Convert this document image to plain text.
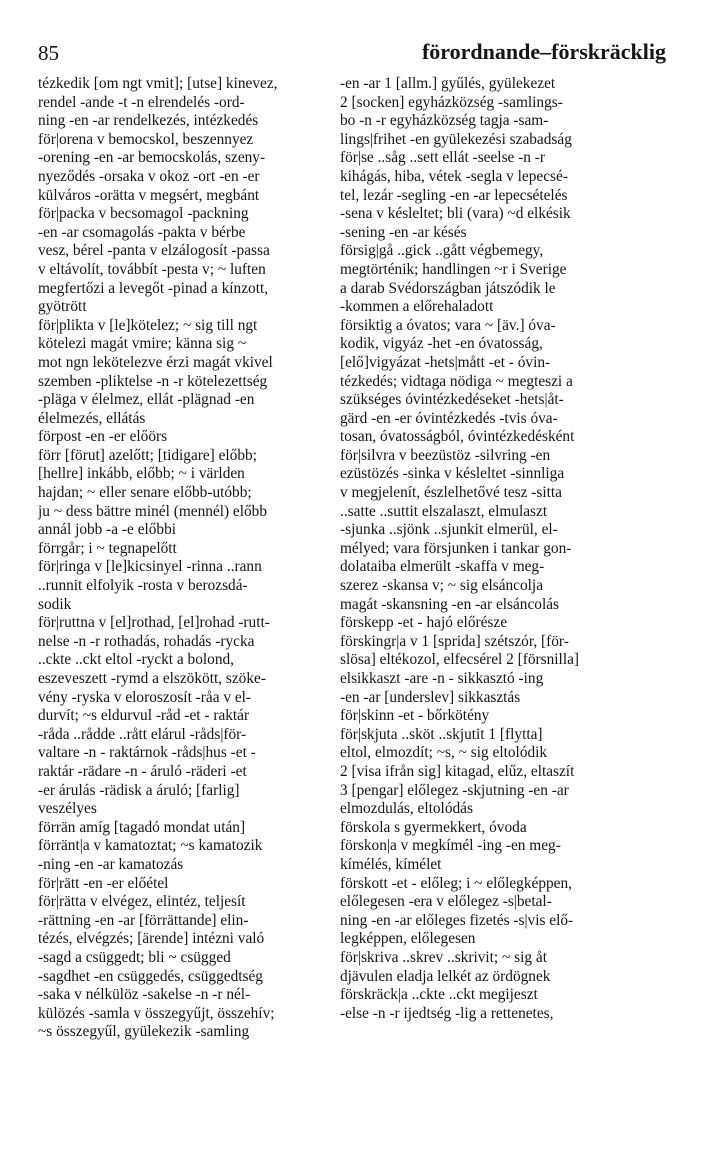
85	förordnande–förskräcklig
tézkedik [om ngt vmit]; [utse] kinevez,
rendel -ande -t -n elrendelés -ord-
ning -en -ar rendelkezés, intézkedés
för|orena v bemocskol, beszennyez
-orening -en -ar bemocskolás, szeny-
nyeződés -orsaka v okoz -ort -en -er
külváros -orätta v megsért, megbánt
för|packa v becsomagol -packning
-en -ar csomagolás -pakta v bérbe
vesz, bérel -panta v elzálogosít -passa
v eltávolít, továbbít -pesta v; ~ luften
megfertőzi a levegőt -pinad a kínzott,
gyötrött
för|plikta v [le]kötelez; ~ sig till ngt
kötelezi magát vmire; känna sig ~
mot ngn lekötelezve érzi magát vkivel
szemben -pliktelse -n -r kötelezettség
-pläga v élelmez, ellát -plägnad -en
élelmezés, ellátás
förpost -en -er előörs
förr [förut] azelőtt; [tidigare] előbb;
[hellre] inkább, előbb; ~ i världen
hajdan; ~ eller senare előbb-utóbb;
ju ~ dess bättre minél (mennél) előbb
annál jobb -a -e előbbi
förrgår; i ~ tegnapelőtt
för|ringa v [le]kicsinyel -rinna ..rann
..runnit elfolyik -rosta v berozsdá-
sodik
för|ruttna v [el]rothad, [el]rohad -rutt-
nelse -n -r rothadás, rohadás -rycka
..ckte ..ckt eltol -ryckt a bolond,
eszeveszett -rymd a elszökött, szöke-
vény -ryska v eloroszosít -råa v el-
durvít; ~s eldurvul -råd -et - raktár
-råda ..rådde ..rått elárul -råds|för-
valtare -n - raktárnok -råds|hus -et -
raktár -rädare -n - áruló -räderi -et
-er árulás -rädisk a áruló; [farlig]
veszélyes
förrän amíg [tagadó mondat után]
förränt|a v kamatoztat; ~s kamatozik
-ning -en -ar kamatozás
för|rätt -en -er előétel
för|rätta v elvégez, elintéz, teljesít
-rättning -en -ar [förrättande] elin-
tézés, elvégzés; [ärende] intézni való
-sagd a csüggedt; bli ~ csügged
-sagdhet -en csüggedés, csüggedtség
-saka v nélkülöz -sakelse -n -r nél-
külözés -samla v összegyűjt, összehív;
~s összegyűl, gyülekezik -samling
-en -ar 1 [allm.] gyűlés, gyülekezet
2 [socken] egyházközség -samlings-
bo -n -r egyházközség tagja -sam-
lings|frihet -en gyülekezési szabadság
för|se ..såg ..sett ellát -seelse -n -r
kihágás, hiba, vétek -segla v lepecsé-
tel, lezár -segling -en -ar lepecsételés
-sena v késleltet; bli (vara) ~d elkésik
-sening -en -ar késés
försig|gå ..gick ..gått végbemegy,
megtörténik; handlingen ~r i Sverige
a darab Svédországban játszódik le
-kommen a előrehaladott
försiktig a óvatos; vara ~ [äv.] óva-
kodik, vigyáz -het -en óvatosság,
[elő]vigyázat -hets|mått -et - óvin-
tézkedés; vidtaga nödiga ~ megteszi a
szükséges óvintézkedéseket -hets|åt-
gärd -en -er óvintézkedés -tvis óva-
tosan, óvatosságból, óvintézkedésként
för|silvra v beezüstöz -silvring -en
ezüstözés -sinka v késleltet -sinnliga
v megjelenít, észlelhetővé tesz -sitta
..satte ..suttit elszalaszt, elmulaszt
-sjunka ..sjönk ..sjunkit elmerül, el-
mélyed; vara försjunken i tankar gon-
dolataiba elmerült -skaffa v meg-
szerez -skansa v; ~ sig elsáncolja
magát -skansning -en -ar elsáncolás
förskepp -et - hajó előrésze
förskingr|a v 1 [sprida] szétszór, [för-
slösa] eltékozol, elfecsérel 2 [försnilla]
elsikkaszt -are -n - sikkasztó -ing
-en -ar [underslev] sikkasztás
för|skinn -et - bőrkötény
för|skjuta ..sköt ..skjutit 1 [flytta]
eltol, elmozdít; ~s, ~ sig eltolódik
2 [visa ifrån sig] kitagad, elűz, eltaszít
3 [pengar] előlegez -skjutning -en -ar
elmozdulás, eltolódás
förskola s gyermekkert, óvoda
förskon|a v megkímél -ing -en meg-
kímélés, kímélet
förskott -et - előleg; i ~ előlegképpen,
előlegesen -era v előlegez -s|betal-
ning -en -ar előleges fizetés -s|vis elő-
legképpen, előlegesen
för|skriva ..skrev ..skrivit; ~ sig åt
djävulen eladja lelkét az ördögnek
förskräck|a ..ckte ..ckt megijeszt
-else -n -r ijedtség -lig a rettenetes,
